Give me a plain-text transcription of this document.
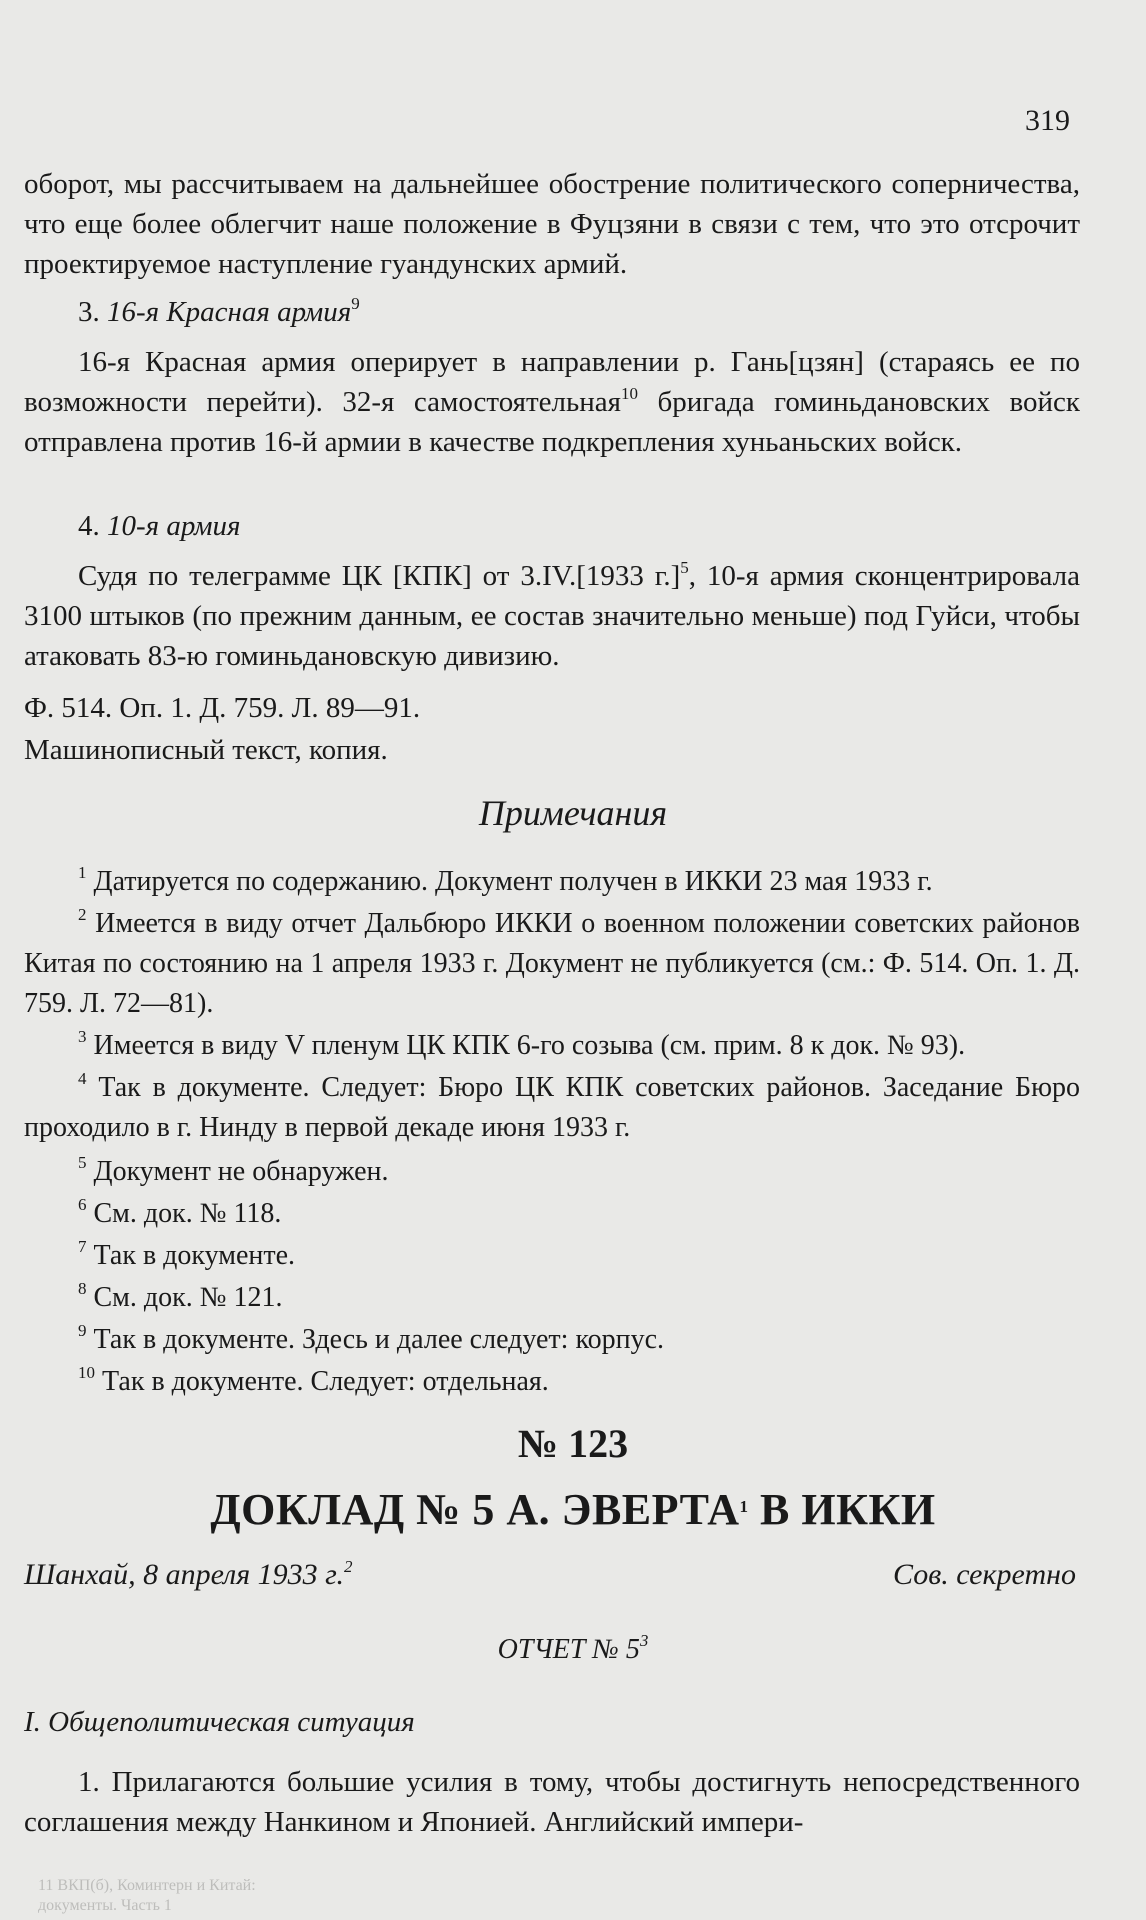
319
оборот, мы рассчитываем на дальнейшее обострение политического соперничества, что еще более облегчит наше положение в Фуцзяни в связи с тем, что это отсрочит проектируемое наступление гуандунских армий.
3. 16-я Красная армия$^9$
16-я Красная армия оперирует в направлении р. Гань[цзян] (стараясь ее по возможности перейти). 32-я самостоятельная$^{10}$ бригада гоминьдановских войск отправлена против 16-й армии в качестве подкрепления хуньаньских войск.
4. 10-я армия
Судя по телеграмме ЦК [КПК] от 3.IV.[1933 г.]$^5$, 10-я армия сконцентрировала 3100 штыков (по прежним данным, ее состав значительно меньше) под Гуйси, чтобы атаковать 83-ю гоминьдановскую дивизию.
Ф. 514. Оп. 1. Д. 759. Л. 89—91.
Машинописный текст, копия.
Примечания
$^1$ Датируется по содержанию. Документ получен в ИККИ 23 мая 1933 г.
$^2$ Имеется в виду отчет Дальбюро ИККИ о военном положении советских районов Китая по состоянию на 1 апреля 1933 г. Документ не публикуется (см.: Ф. 514. Оп. 1. Д. 759. Л. 72—81).
$^3$ Имеется в виду V пленум ЦК КПК 6-го созыва (см. прим. 8 к док. № 93).
$^4$ Так в документе. Следует: Бюро ЦК КПК советских районов. Заседание Бюро проходило в г. Нинду в первой декаде июня 1933 г.
$^5$ Документ не обнаружен.
$^6$ См. док. № 118.
$^7$ Так в документе.
$^8$ См. док. № 121.
$^9$ Так в документе. Здесь и далее следует: корпус.
$^{10}$ Так в документе. Следует: отдельная.
№ 123
ДОКЛАД № 5 А. ЭВЕРТА$^1$ В ИККИ
Шанхай, 8 апреля 1933 г.$^2$	Сов. секретно
ОТЧЕТ № $5^3$
I. Общеполитическая ситуация
1. Прилагаются большие усилия в тому, чтобы достигнуть непосредственного соглашения между Нанкином и Японией. Английский импери-
11 ВКП(б), Коминтерн и Китай:
документы. Часть 1
